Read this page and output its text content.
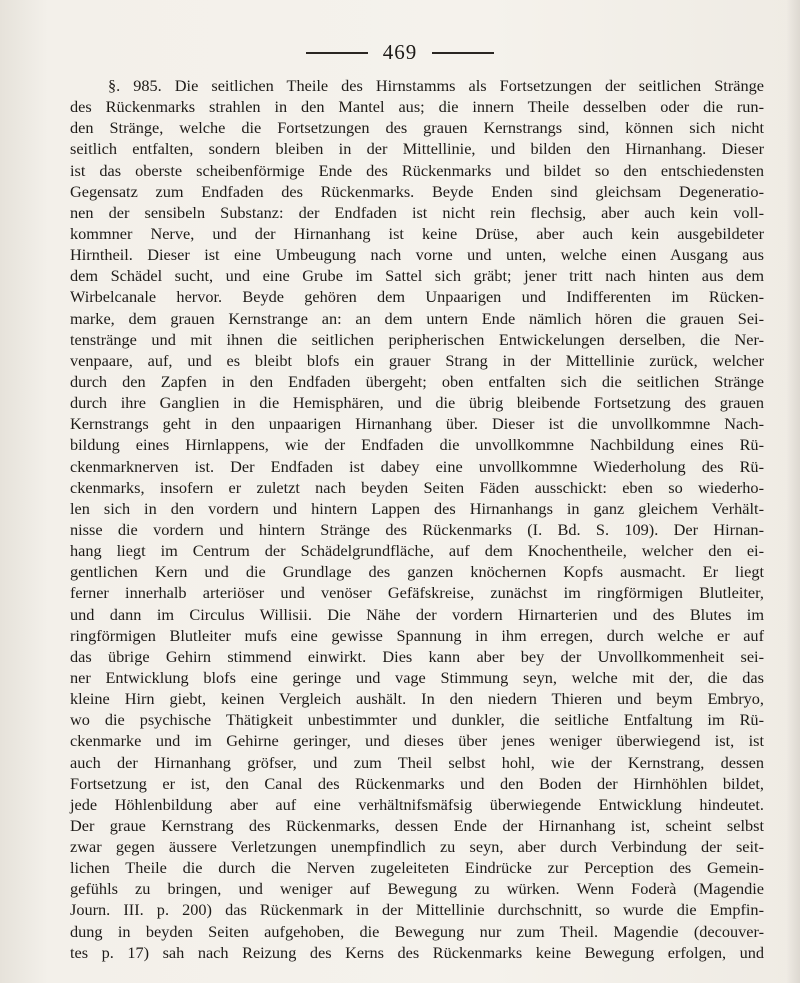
469
§. 985. Die seitlichen Theile des Hirnstamms als Fortsetzungen der seitlichen Stränge
des Rückenmarks strahlen in den Mantel aus; die innern Theile desselben oder die run-
den Stränge, welche die Fortsetzungen des grauen Kernstrangs sind, können sich nicht
seitlich entfalten, sondern bleiben in der Mittellinie, und bilden den Hirnanhang. Dieser
ist das oberste scheibenförmige Ende des Rückenmarks und bildet so den entschiedensten
Gegensatz zum Endfaden des Rückenmarks. Beyde Enden sind gleichsam Degeneratio-
nen der sensibeln Substanz: der Endfaden ist nicht rein flechsig, aber auch kein voll-
kommner Nerve, und der Hirnanhang ist keine Drüse, aber auch kein ausgebildeter
Hirntheil. Dieser ist eine Umbeugung nach vorne und unten, welche einen Ausgang aus
dem Schädel sucht, und eine Grube im Sattel sich gräbt; jener tritt nach hinten aus dem
Wirbelcanale hervor. Beyde gehören dem Unpaarigen und Indifferenten im Rücken-
marke, dem grauen Kernstrange an: an dem untern Ende nämlich hören die grauen Sei-
tenstränge und mit ihnen die seitlichen peripherischen Entwickelungen derselben, die Ner-
venpaare, auf, und es bleibt blofs ein grauer Strang in der Mittellinie zurück, welcher
durch den Zapfen in den Endfaden übergeht; oben entfalten sich die seitlichen Stränge
durch ihre Ganglien in die Hemisphären, und die übrig bleibende Fortsetzung des grauen
Kernstrangs geht in den unpaarigen Hirnanhang über. Dieser ist die unvollkommne Nach-
bildung eines Hirnlappens, wie der Endfaden die unvollkommne Nachbildung eines Rü-
ckenmarknerven ist. Der Endfaden ist dabey eine unvollkommne Wiederholung des Rü-
ckenmarks, insofern er zuletzt nach beyden Seiten Fäden ausschickt: eben so wiederho-
len sich in den vordern und hintern Lappen des Hirnanhangs in ganz gleichem Verhält-
nisse die vordern und hintern Stränge des Rückenmarks (I. Bd. S. 109). Der Hirnan-
hang liegt im Centrum der Schädelgrundfläche, auf dem Knochentheile, welcher den ei-
gentlichen Kern und die Grundlage des ganzen knöchernen Kopfs ausmacht. Er liegt
ferner innerhalb arteriöser und venöser Gefäfskreise, zunächst im ringförmigen Blutleiter,
und dann im Circulus Willisii. Die Nähe der vordern Hirnarterien und des Blutes im
ringförmigen Blutleiter mufs eine gewisse Spannung in ihm erregen, durch welche er auf
das übrige Gehirn stimmend einwirkt. Dies kann aber bey der Unvollkommenheit sei-
ner Entwicklung blofs eine geringe und vage Stimmung seyn, welche mit der, die das
kleine Hirn giebt, keinen Vergleich aushält. In den niedern Thieren und beym Embryo,
wo die psychische Thätigkeit unbestimmter und dunkler, die seitliche Entfaltung im Rü-
ckenmarke und im Gehirne geringer, und dieses über jenes weniger überwiegend ist, ist
auch der Hirnanhang gröfser, und zum Theil selbst hohl, wie der Kernstrang, dessen
Fortsetzung er ist, den Canal des Rückenmarks und den Boden der Hirnhöhlen bildet,
jede Höhlenbildung aber auf eine verhältnifsmäfsig überwiegende Entwicklung hindeutet.
Der graue Kernstrang des Rückenmarks, dessen Ende der Hirnanhang ist, scheint selbst
zwar gegen äussere Verletzungen unempfindlich zu seyn, aber durch Verbindung der seit-
lichen Theile die durch die Nerven zugeleiteten Eindrücke zur Perception des Gemein-
gefühls zu bringen, und weniger auf Bewegung zu würken. Wenn Foderà (Magendie
Journ. III. p. 200) das Rückenmark in der Mittellinie durchschnitt, so wurde die Empfin-
dung in beyden Seiten aufgehoben, die Bewegung nur zum Theil. Magendie (decouver-
tes p. 17) sah nach Reizung des Kerns des Rückenmarks keine Bewegung erfolgen, und
